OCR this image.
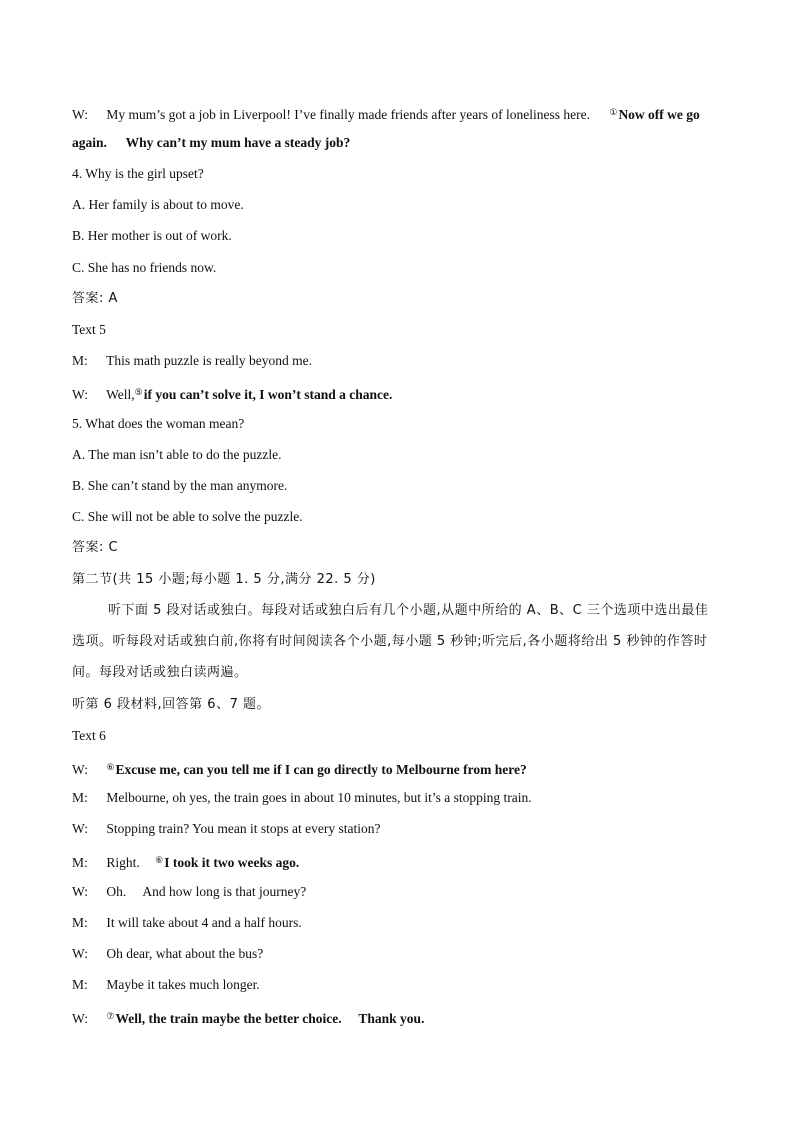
W: My mum’s got a job in Liverpool! I’ve finally made friends after years of loneliness here. ①Now off we go
again. Why can’t my mum have a steady job?
4. Why is the girl upset?
A. Her family is about to move.
B. Her mother is out of work.
C. She has no friends now.
答案: A
Text 5
M: This math puzzle is really beyond me.
W: Well,⑤if you can’t solve it, I won’t stand a chance.
5. What does the woman mean?
A. The man isn’t able to do the puzzle.
B. She can’t stand by the man anymore.
C. She will not be able to solve the puzzle.
答案: C
第二节(共 15 小题;每小题 1. 5 分,满分 22. 5 分)
听下面 5 段对话或独白。每段对话或独白后有几个小题,从题中所给的 A、B、C 三个选项中选出最佳
选项。听每段对话或独白前,你将有时间阅读各个小题,每小题 5 秒钟;听完后,各小题将给出 5 秒钟的作答时
间。每段对话或独白读两遍。
听第 6 段材料,回答第 6、7 题。
Text 6
W: ⑥Excuse me, can you tell me if I can go directly to Melbourne from here?
M: Melbourne, oh yes, the train goes in about 10 minutes, but it’s a stopping train.
W: Stopping train? You mean it stops at every station?
M: Right. ⑥I took it two weeks ago.
W: Oh.     And how long is that journey?
M: It will take about 4 and a half hours.
W: Oh dear, what about the bus?
M: Maybe it takes much longer.
W: ⑦Well, the train maybe the better choice. Thank you.
